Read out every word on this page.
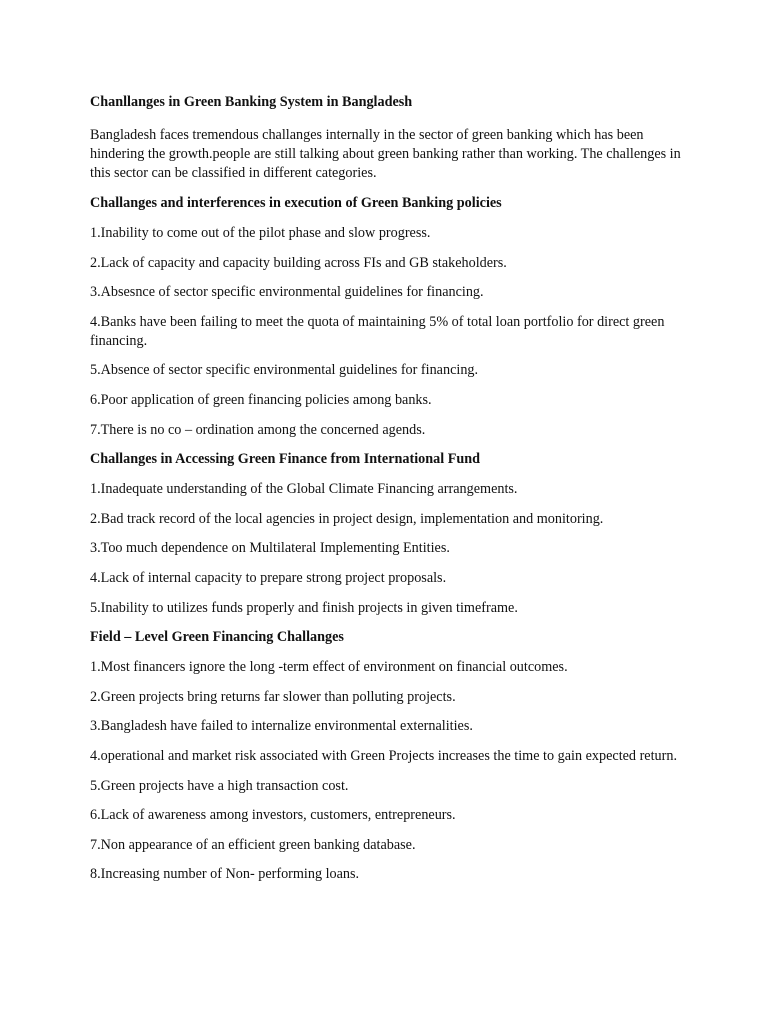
Chanllanges in Green Banking System in Bangladesh

Bangladesh faces tremendous challanges internally in the sector of green banking which has been hindering the growth.people are still talking about green banking rather than working. The challenges in this sector can be classified in different categories.

Challanges and interferences in execution of Green Banking policies

1.Inability to come out of the pilot phase and slow progress.

2.Lack of capacity and capacity building across FIs and GB stakeholders.

3.Absesnce of sector specific environmental guidelines for financing.

4.Banks have been failing to meet the quota of maintaining 5% of total loan portfolio for direct green financing.

5.Absence of sector specific environmental guidelines for financing.

6.Poor application of green financing policies among banks.

7.There is no co – ordination among the concerned agends.

Challanges in Accessing Green Finance from International Fund

1.Inadequate understanding of the Global Climate Financing arrangements.

2.Bad track record of the local agencies in project design, implementation and monitoring.

3.Too much dependence on Multilateral Implementing Entities.

4.Lack of internal capacity to prepare strong project proposals.

5.Inability to utilizes funds properly and finish projects in given timeframe.

Field – Level Green Financing Challanges

1.Most financers ignore the long -term effect of environment on financial outcomes.

2.Green projects bring returns far slower than polluting projects.

3.Bangladesh have failed to internalize environmental externalities.

4.operational and market risk associated with Green Projects increases the time to gain expected return.

5.Green projects have a high transaction cost.

6.Lack of awareness among investors, customers, entrepreneurs.

7.Non appearance of an efficient green banking database.

8.Increasing number of Non- performing loans.
